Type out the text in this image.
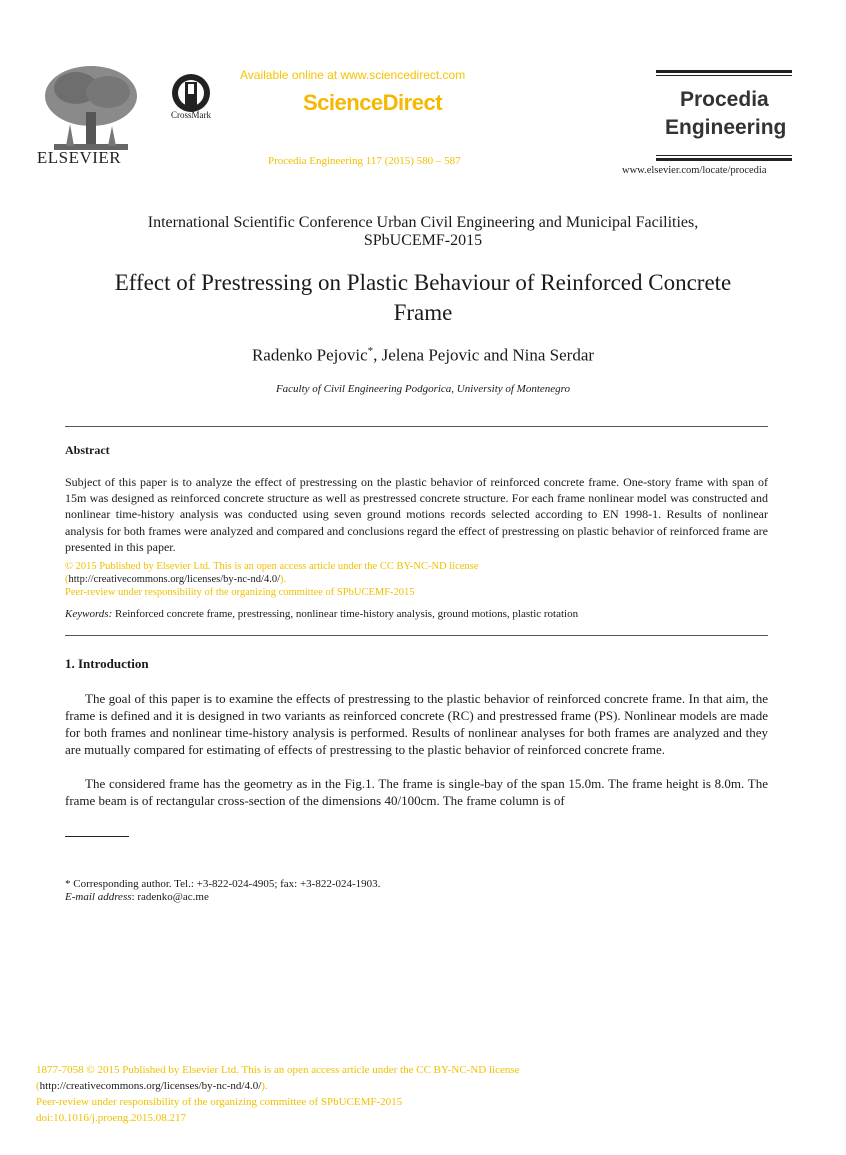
ELSEVIER
CrossMark
Available online at www.sciencedirect.com
ScienceDirect
Procedia Engineering 117 (2015) 580 – 587
Procedia
Engineering
www.elsevier.com/locate/procedia
International Scientific Conference Urban Civil Engineering and Municipal Facilities,
SPbUCEMF-2015
Effect of Prestressing on Plastic Behaviour of Reinforced Concrete
Frame
Radenko Pejovic*, Jelena Pejovic and Nina Serdar
Faculty of Civil Engineering Podgorica, University of Montenegro
Abstract
Subject of this paper is to analyze the effect of prestressing on the plastic behavior of reinforced concrete frame. One-story frame with span of 15m was designed as reinforced concrete structure as well as prestressed concrete structure. For each frame nonlinear model was constructed and nonlinear time-history analysis was conducted using seven ground motions records selected according to EN 1998-1. Results of nonlinear analysis for both frames were analyzed and compared and conclusions regard the effect of prestressing on plastic behavior of reinforced frame are presented in this paper.
© 2015 Published by Elsevier Ltd. This is an open access article under the CC BY-NC-ND license
(http://creativecommons.org/licenses/by-nc-nd/4.0/).
Peer-review under responsibility of the organizing committee of SPbUCEMF-2015
Keywords: Reinforced concrete frame, prestressing, nonlinear time-history analysis, ground motions, plastic rotation
1. Introduction
The goal of this paper is to examine the effects of prestressing to the plastic behavior of reinforced concrete frame. In that aim, the frame is defined and it is designed in two variants as reinforced concrete (RC) and prestressed frame (PS). Nonlinear models are made for both frames and nonlinear time-history analysis is performed. Results of nonlinear analyses for both frames are analyzed and they are mutually compared for estimating of effects of prestressing to the plastic behavior of reinforced concrete frame.
The considered frame has the geometry as in the Fig.1. The frame is single-bay of the span 15.0m. The frame height is 8.0m. The frame beam is of rectangular cross-section of the dimensions 40/100cm. The frame column is of
* Corresponding author. Tel.: +3-822-024-4905; fax: +3-822-024-1903.
E-mail address: radenko@ac.me
1877-7058 © 2015 Published by Elsevier Ltd. This is an open access article under the CC BY-NC-ND license
(http://creativecommons.org/licenses/by-nc-nd/4.0/).
Peer-review under responsibility of the organizing committee of SPbUCEMF-2015
doi:10.1016/j.proeng.2015.08.217
